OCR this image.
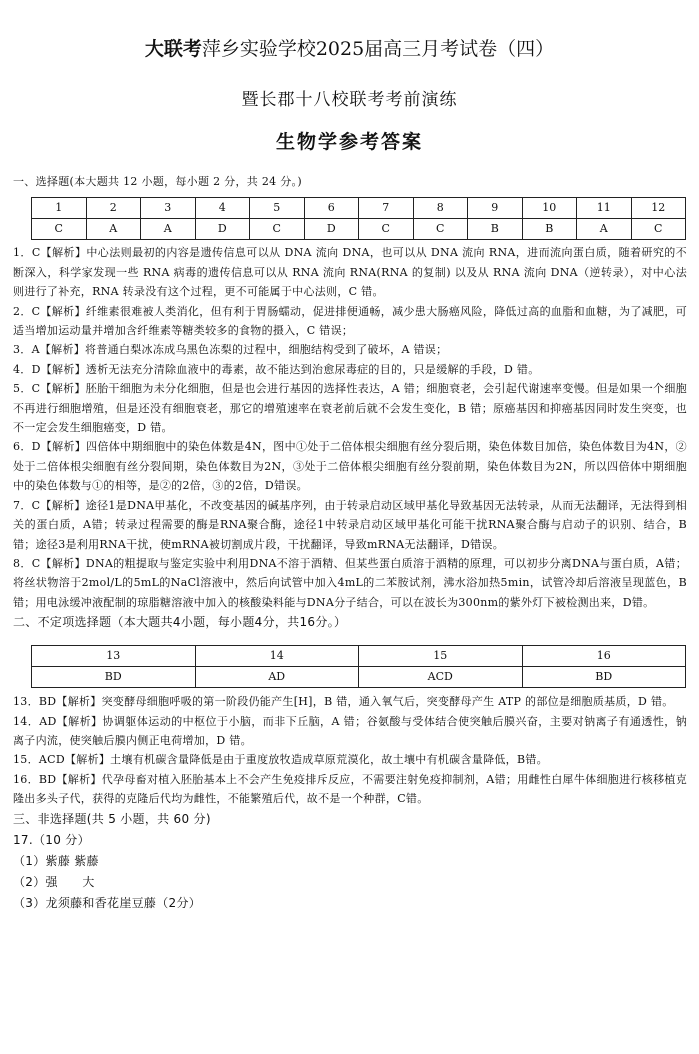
大联考萍乡实验学校2025届高三月考试卷（四）
暨长郡十八校联考考前演练
生物学参考答案

一、选择题(本大题共 12 小题，每小题 2 分，共 24 分。)

1	2	3	4	5	6	7	8	9	10	11	12
C	A	A	D	C	D	C	C	B	B	A	C

1．C【解析】中心法则最初的内容是遗传信息可以从 DNA 流向 DNA，也可以从 DNA 流向 RNA，进而流向蛋白质，随着研究的不断深入，科学家发现一些 RNA 病毒的遗传信息可以从 RNA 流向 RNA(RNA 的复制) 以及从 RNA 流向 DNA（逆转录），对中心法则进行了补充，RNA 转录没有这个过程，更不可能属于中心法则，C 错。

2．C【解析】纤维素很难被人类消化，但有利于胃肠蠕动，促进排便通畅，减少患大肠癌风险，降低过高的血脂和血糖，为了减肥，可适当增加运动量并增加含纤维素等糖类较多的食物的摄入，C 错误；

3．A【解析】将普通白梨冰冻成乌黑色冻梨的过程中，细胞结构受到了破坏，A 错误；

4．D【解析】透析无法充分清除血液中的毒素，故不能达到治愈尿毒症的目的，只是缓解的手段，D 错。

5．C【解析】胚胎干细胞为未分化细胞，但是也会进行基因的选择性表达，A 错；细胞衰老，会引起代谢速率变慢。但是如果一个细胞不再进行细胞增殖，但是还没有细胞衰老，那它的增殖速率在衰老前后就不会发生变化，B 错；原癌基因和抑癌基因同时发生突变，也不一定会发生细胞癌变，D 错。

6．D【解析】四倍体中期细胞中的染色体数是4N，图中①处于二倍体根尖细胞有丝分裂后期，染色体数目加倍，染色体数目为4N，②处于二倍体根尖细胞有丝分裂间期，染色体数目为2N，③处于二倍体根尖细胞有丝分裂前期，染色体数目为2N，所以四倍体中期细胞中的染色体数与①的相等，是②的2倍，③的2倍，D错误。

7．C【解析】途径1是DNA甲基化，不改变基因的碱基序列，由于转录启动区域甲基化导致基因无法转录，从而无法翻译，无法得到相关的蛋白质，A错；转录过程需要的酶是RNA聚合酶，途径1中转录启动区域甲基化可能干扰RNA聚合酶与启动子的识别、结合，B错；途径3是利用RNA干扰，使mRNA被切割成片段，干扰翻译，导致mRNA无法翻译，D错误。

8．C【解析】DNA的粗提取与鉴定实验中利用DNA不溶于酒精、但某些蛋白质溶于酒精的原理，可以初步分离DNA与蛋白质，A错；将丝状物溶于2mol/L的5mL的NaCl溶液中，然后向试管中加入4mL的二苯胺试剂，沸水浴加热5min，试管冷却后溶液呈现蓝色，B错；用电泳缓冲液配制的琼脂糖溶液中加入的核酸染料能与DNA分子结合，可以在波长为300nm的紫外灯下被检测出来，D错。

二、不定项选择题（本大题共4小题，每小题4分，共16分。）

13	14	15	16
BD	AD	ACD	BD

13．BD【解析】突变酵母细胞呼吸的第一阶段仍能产生[H]，B 错，通入氧气后，突变酵母产生 ATP 的部位是细胞质基质，D 错。

14．AD【解析】协调躯体运动的中枢位于小脑，而非下丘脑，A 错；谷氨酸与受体结合使突触后膜兴奋，主要对钠离子有通透性，钠离子内流，使突触后膜内侧正电荷增加，D 错。

15．ACD【解析】土壤有机碳含量降低是由于重度放牧造成草原荒漠化，故土壤中有机碳含量降低，B错。

16．BD【解析】代孕母畜对植入胚胎基本上不会产生免疫排斥反应，不需要注射免疫抑制剂，A错；用雌性白犀牛体细胞进行核移植克隆出多头子代，获得的克隆后代均为雌性，不能繁殖后代，故不是一个种群，C错。

三、非选择题(共 5 小题，共 60 分)

17.（10 分）

（1）紫藤 紫藤

（2）强　　大

（3）龙须藤和香花崖豆藤（2分）
